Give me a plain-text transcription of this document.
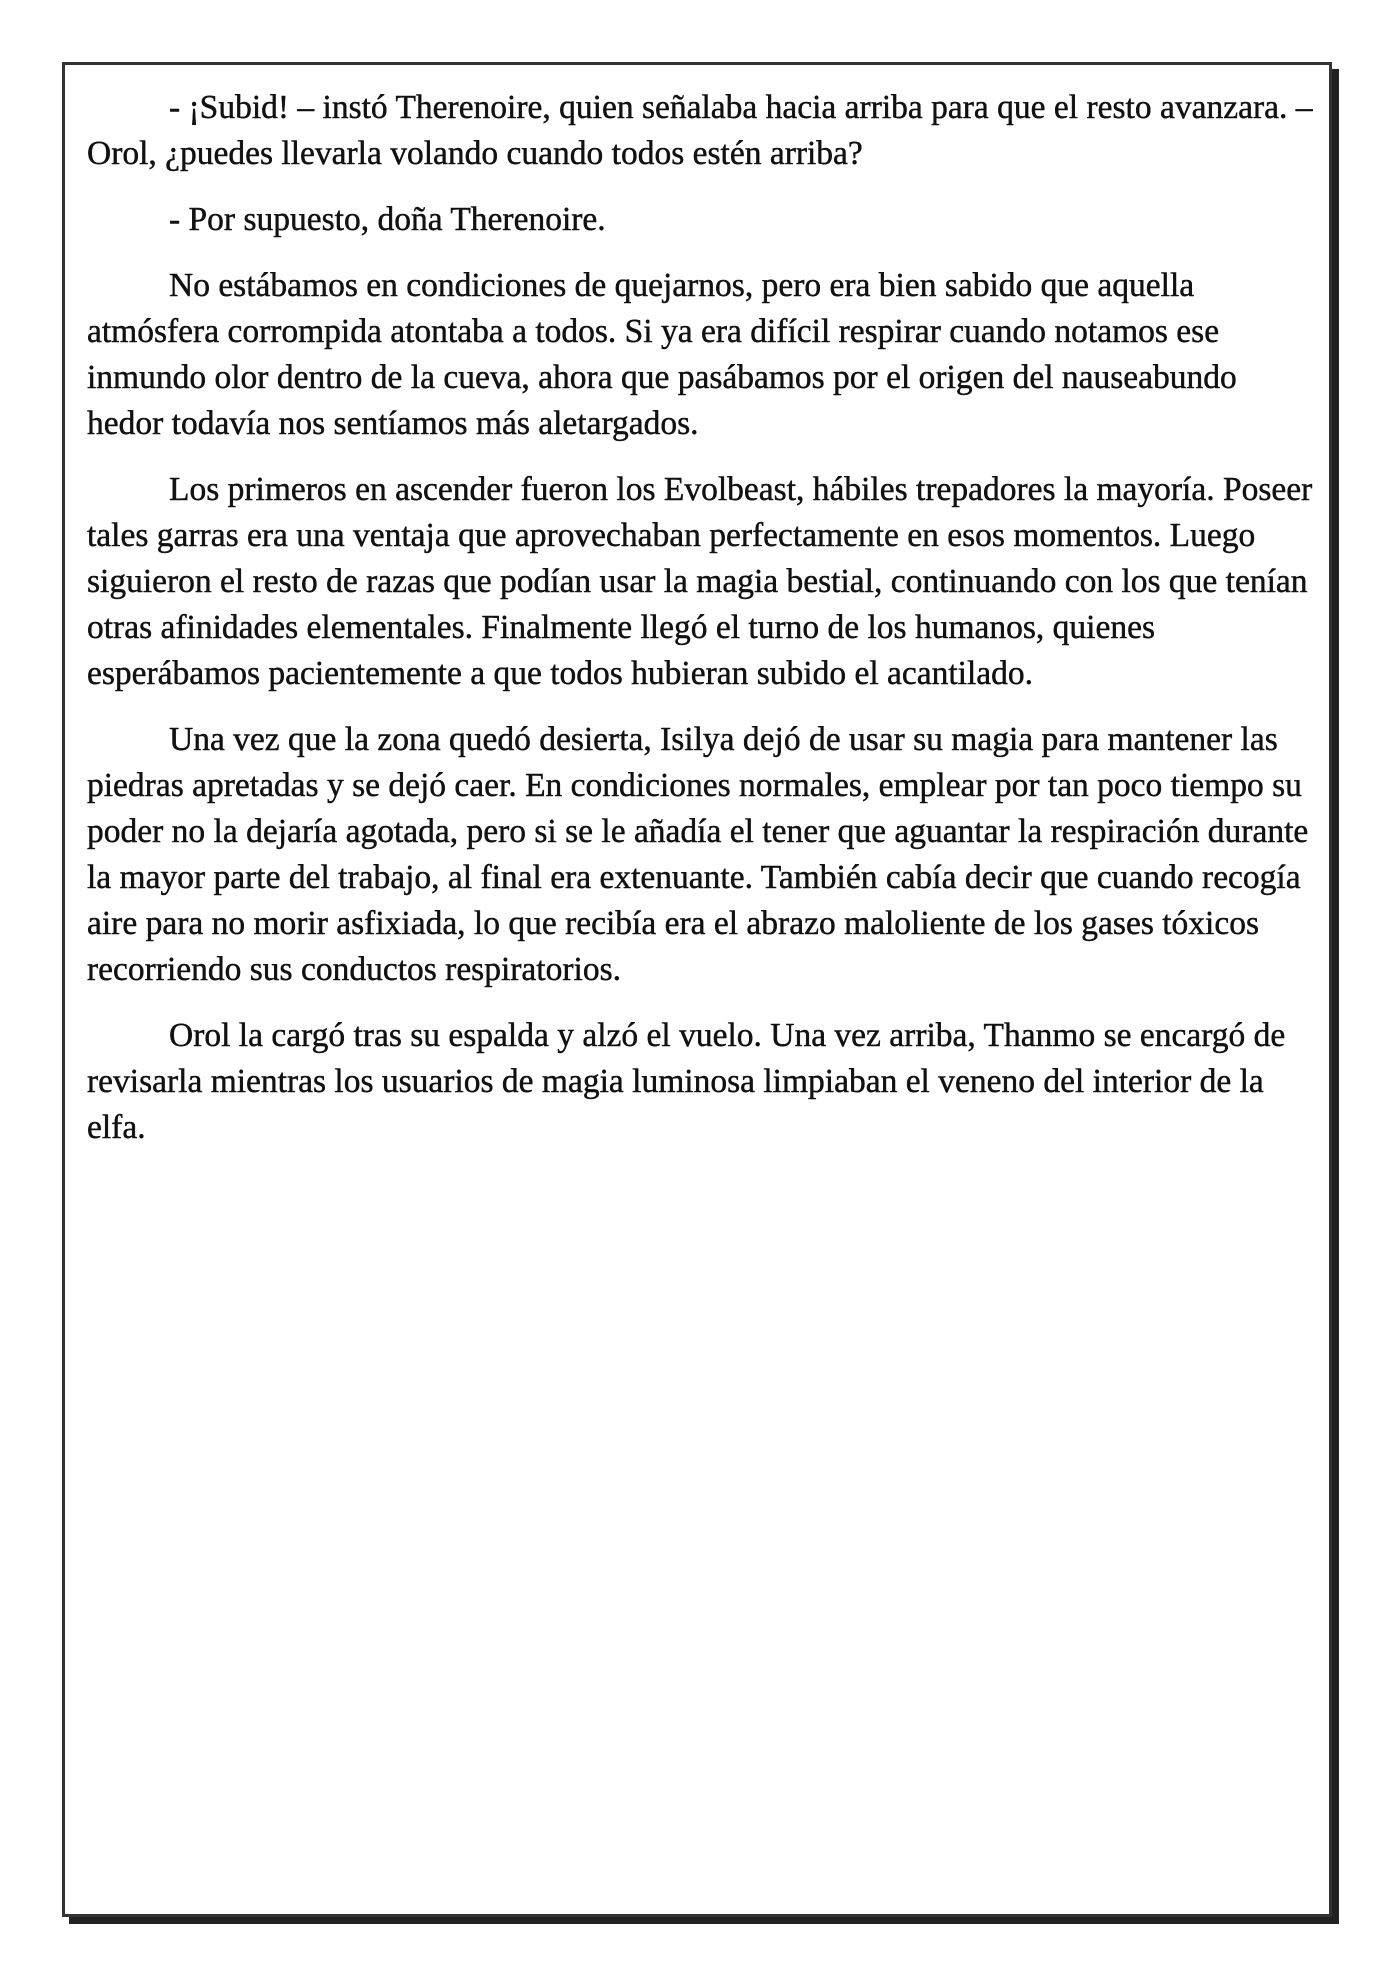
- ¡Subid! – instó Therenoire, quien señalaba hacia arriba para que el resto avanzara. – Orol, ¿puedes llevarla volando cuando todos estén arriba?

- Por supuesto, doña Therenoire.

No estábamos en condiciones de quejarnos, pero era bien sabido que aquella atmósfera corrompida atontaba a todos. Si ya era difícil respirar cuando notamos ese inmundo olor dentro de la cueva, ahora que pasábamos por el origen del nauseabundo hedor todavía nos sentíamos más aletargados.

Los primeros en ascender fueron los Evolbeast, hábiles trepadores la mayoría. Poseer tales garras era una ventaja que aprovechaban perfectamente en esos momentos. Luego siguieron el resto de razas que podían usar la magia bestial, continuando con los que tenían otras afinidades elementales. Finalmente llegó el turno de los humanos, quienes esperábamos pacientemente a que todos hubieran subido el acantilado.

Una vez que la zona quedó desierta, Isilya dejó de usar su magia para mantener las piedras apretadas y se dejó caer. En condiciones normales, emplear por tan poco tiempo su poder no la dejaría agotada, pero si se le añadía el tener que aguantar la respiración durante la mayor parte del trabajo, al final era extenuante. También cabía decir que cuando recogía aire para no morir asfixiada, lo que recibía era el abrazo maloliente de los gases tóxicos recorriendo sus conductos respiratorios.

Orol la cargó tras su espalda y alzó el vuelo. Una vez arriba, Thanmo se encargó de revisarla mientras los usuarios de magia luminosa limpiaban el veneno del interior de la elfa.
